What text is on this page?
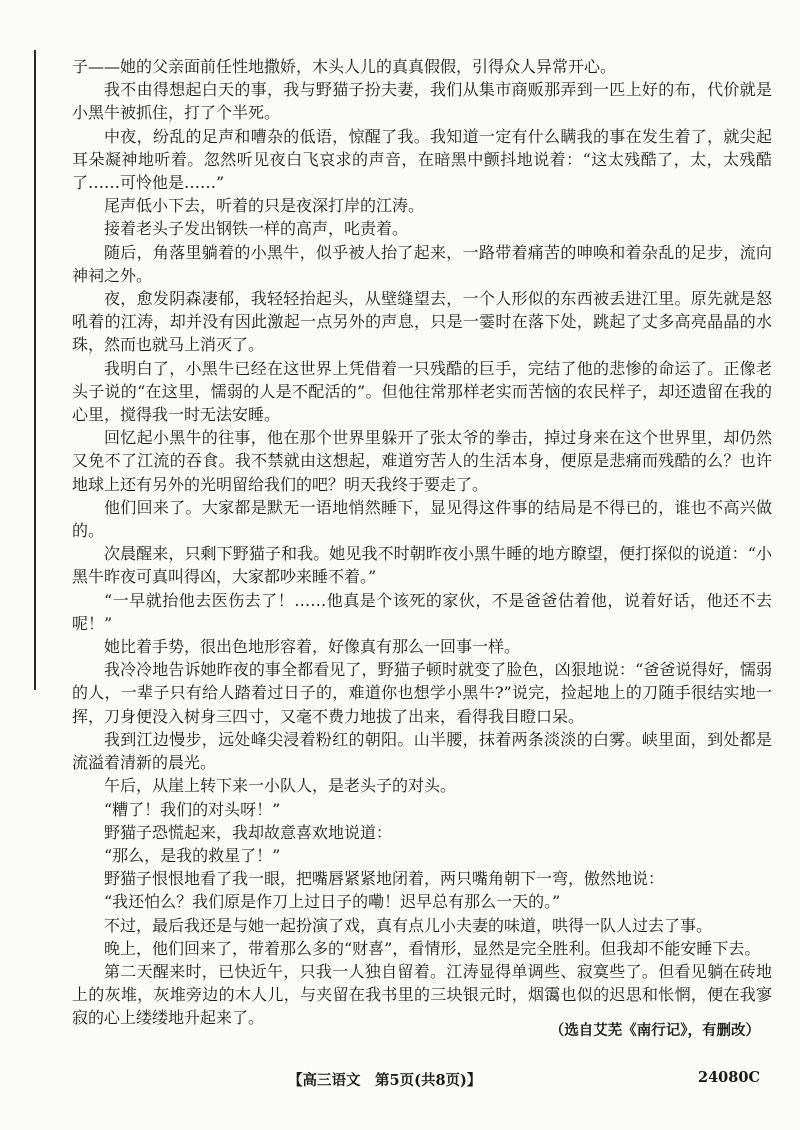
子——她的父亲面前任性地撒娇，木头人儿的真真假假，引得众人异常开心。

我不由得想起白天的事，我与野猫子扮夫妻，我们从集市商贩那弄到一匹上好的布，代价就是小黑牛被抓住，打了个半死。

中夜，纷乱的足声和嘈杂的低语，惊醒了我。我知道一定有什么瞒我的事在发生着了，就尖起耳朵凝神地听着。忽然听见夜白飞哀求的声音，在暗黑中颤抖地说着：“这太残酷了，太，太残酷了……可怜他是……”

尾声低小下去，听着的只是夜深打岸的江涛。

接着老头子发出钢铁一样的高声，叱责着。

随后，角落里躺着的小黑牛，似乎被人抬了起来，一路带着痛苦的呻唤和着杂乱的足步，流向神祠之外。

夜，愈发阴森凄郁，我轻轻抬起头，从壁缝望去，一个人形似的东西被丢进江里。原先就是怒吼着的江涛，却并没有因此激起一点另外的声息，只是一霎时在落下处，跳起了丈多高亮晶晶的水珠，然而也就马上消灭了。

我明白了，小黑牛已经在这世界上凭借着一只残酷的巨手，完结了他的悲惨的命运了。正像老头子说的“在这里，懦弱的人是不配活的”。但他往常那样老实而苦恼的农民样子，却还遗留在我的心里，搅得我一时无法安睡。

回忆起小黑牛的往事，他在那个世界里躲开了张太爷的拳击，掉过身来在这个世界里，却仍然又免不了江流的吞食。我不禁就由这想起，难道穷苦人的生活本身，便原是悲痛而残酷的么？也许地球上还有另外的光明留给我们的吧？明天我终于要走了。

他们回来了。大家都是默无一语地悄然睡下，显见得这件事的结局是不得已的，谁也不高兴做的。

次晨醒来，只剩下野猫子和我。她见我不时朝昨夜小黑牛睡的地方瞭望，便打探似的说道：“小黑牛昨夜可真叫得凶，大家都吵来睡不着。”

“一早就抬他去医伤去了！……他真是个该死的家伙，不是爸爸估着他，说着好话，他还不去呢！”

她比着手势，很出色地形容着，好像真有那么一回事一样。

我冷冷地告诉她昨夜的事全都看见了，野猫子顿时就变了脸色，凶狠地说：“爸爸说得好，懦弱的人，一辈子只有给人踏着过日子的，难道你也想学小黑牛?”说完，捡起地上的刀随手很结实地一挥，刀身便没入树身三四寸，又毫不费力地拔了出来，看得我目瞪口呆。

我到江边慢步，远处峰尖浸着粉红的朝阳。山半腰，抹着两条淡淡的白雾。峡里面，到处都是流溢着清新的晨光。

午后，从崖上转下来一小队人，是老头子的对头。

“糟了！我们的对头呀！”

野猫子恐慌起来，我却故意喜欢地说道：

“那么，是我的救星了！”

野猫子恨恨地看了我一眼，把嘴唇紧紧地闭着，两只嘴角朝下一弯，傲然地说：

“我还怕么？我们原是作刀上过日子的嘞！迟早总有那么一天的。”

不过，最后我还是与她一起扮演了戏，真有点儿小夫妻的味道，哄得一队人过去了事。

晚上，他们回来了，带着那么多的“财喜”，看情形，显然是完全胜利。但我却不能安睡下去。

第二天醒来时，已快近午，只我一人独自留着。江涛显得单调些、寂寞些了。但看见躺在砖地上的灰堆，灰堆旁边的木人儿，与夹留在我书里的三块银元时，烟霭也似的迟思和怅惘，便在我寥寂的心上缕缕地升起来了。

（选自艾芜《南行记》，有删改）
【高三语文　第5页(共8页)】	24080C
